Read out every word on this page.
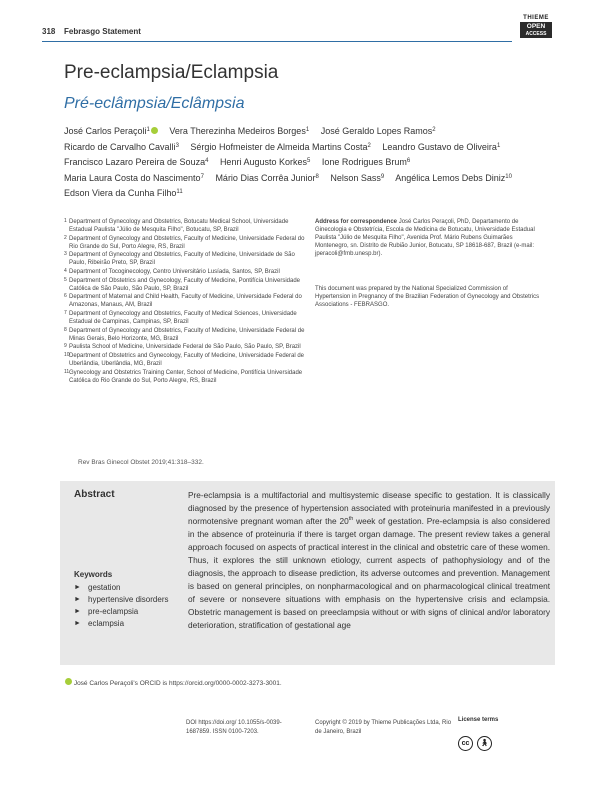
318 Febrasgo Statement
THIEME
OPEN
ACCESS
Pre-eclampsia/Eclampsia
Pré-eclâmpsia/Eclâmpsia
José Carlos Peraçoli$^1$ Vera Therezinha Medeiros Borges$^1$ José Geraldo Lopes Ramos$^2$ Ricardo de Carvalho Cavalli$^3$ Sérgio Hofmeister de Almeida Martins Costa$^2$ Leandro Gustavo de Oliveira$^1$ Francisco Lazaro Pereira de Souza$^4$ Henri Augusto Korkes$^5$ Ione Rodrigues Brum$^6$ Maria Laura Costa do Nascimento$^7$ Mário Dias Corrêa Junior$^8$ Nelson Sass$^9$ Angélica Lemos Debs Diniz$^{10}$ Edson Viera da Cunha Filho$^{11}$
1 Department of Gynecology and Obstetrics, Botucatu Medical School, Universidade Estadual Paulista "Júlio de Mesquita Filho", Botucatu, SP, Brazil
2 Department of Gynecology and Obstetrics, Faculty of Medicine, Universidade Federal do Rio Grande do Sul, Porto Alegre, RS, Brazil
3 Department of Gynecology and Obstetrics, Faculty of Medicine, Universidade de São Paulo, Ribeirão Preto, SP, Brazil
4 Department of Tocoginecology, Centro Universitário Lusíada, Santos, SP, Brazil
5 Department of Obstetrics and Gynecology, Faculty of Medicine, Pontifícia Universidade Católica de São Paulo, São Paulo, SP, Brazil
6 Department of Maternal and Child Health, Faculty of Medicine, Universidade Federal do Amazonas, Manaus, AM, Brazil
7 Department of Gynecology and Obstetrics, Faculty of Medical Sciences, Universidade Estadual de Campinas, Campinas, SP, Brazil
8 Department of Gynecology and Obstetrics, Faculty of Medicine, Universidade Federal de Minas Gerais, Belo Horizonte, MG, Brazil
9 Paulista School of Medicine, Universidade Federal de São Paulo, São Paulo, SP, Brazil
10 Department of Obstetrics and Gynecology, Faculty of Medicine, Universidade Federal de Uberlândia, Uberlândia, MG, Brazil
11 Gynecology and Obstetrics Training Center, School of Medicine, Pontifícia Universidade Católica do Rio Grande do Sul, Porto Alegre, RS, Brazil
Address for correspondence José Carlos Peraçoli, PhD, Departamento de Ginecologia e Obstetrícia, Escola de Medicina de Botucatu, Universidade Estadual Paulista "Júlio de Mesquita Filho", Avenida Prof. Mário Rubens Guimarães Montenegro, sn. Distrito de Rubião Junior, Botucatu, SP 18618-687, Brazil (e-mail: jperacoli@fmb.unesp.br).
This document was prepared by the National Specialized Commission of Hypertension in Pregnancy of the Brazilian Federation of Gynecology and Obstetrics Associations - FEBRASGO.
Rev Bras Ginecol Obstet 2019;41:318–332.
Abstract
Keywords
► gestation
► hypertensive disorders
► pre-eclampsia
► eclampsia
Pre-eclampsia is a multifactorial and multisystemic disease specific to gestation. It is classically diagnosed by the presence of hypertension associated with proteinuria manifested in a previously normotensive pregnant woman after the 20th week of gestation. Pre-eclampsia is also considered in the absence of proteinuria if there is target organ damage. The present review takes a general approach focused on aspects of practical interest in the clinical and obstetric care of these women. Thus, it explores the still unknown etiology, current aspects of pathophysiology and of the diagnosis, the approach to disease prediction, its adverse outcomes and prevention. Management is based on general principles, on nonpharmacological and on pharmacological clinical treatment of severe or nonsevere situations with emphasis on the hypertensive crisis and eclampsia. Obstetric management is based on preeclampsia without or with signs of clinical and/or laboratory deterioration, stratification of gestational age
José Carlos Peraçoli's ORCID is https://orcid.org/0000-0002-3273-3001.
DOI https://doi.org/ 10.1055/s-0039-1687859. ISSN 0100-7203.
Copyright © 2019 by Thieme Publicações Ltda, Rio de Janeiro, Brazil
License terms
cc 🚶︎
